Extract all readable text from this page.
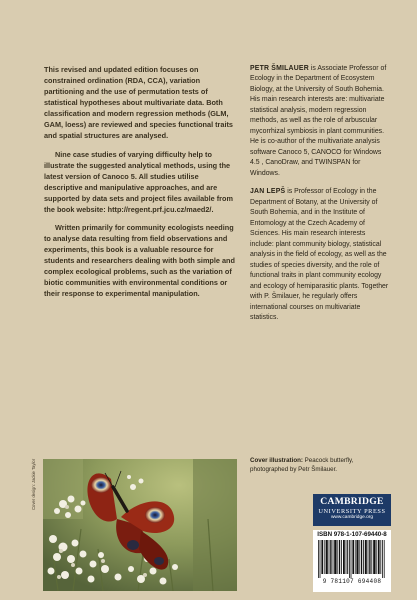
This revised and updated edition focuses on constrained ordination (RDA, CCA), variation partitioning and the use of permutation tests of statistical hypotheses about multivariate data. Both classification and modern regression methods (GLM, GAM, loess) are reviewed and species functional traits and spatial structures are analysed.

Nine case studies of varying difficulty help to illustrate the suggested analytical methods, using the latest version of Canoco 5. All studies utilise descriptive and manipulative approaches, and are supported by data sets and project files available from the book website: http://regent.prf.jcu.cz/maed2/.

Written primarily for community ecologists needing to analyse data resulting from field observations and experiments, this book is a valuable resource for students and researchers dealing with both simple and complex ecological problems, such as the variation of biotic communities with environmental conditions or their response to experimental manipulation.

PETR ŠMILAUER is Associate Professor of Ecology in the Department of Ecosystem Biology, at the University of South Bohemia. His main research interests are: multivariate statistical analysis, modern regression methods, as well as the role of arbuscular mycorrhizal symbiosis in plant communities. He is co-author of the multivariate analysis software Canoco 5, CANOCO for Windows 4.5 , CanoDraw, and TWINSPAN for Windows.

JAN LEPŠ is Professor of Ecology in the Department of Botany, at the University of South Bohemia, and in the Institute of Entomology at the Czech Academy of Sciences. His main research interests include: plant community biology, statistical analysis in the field of ecology, as well as the studies of species diversity, and the role of functional traits in plant community ecology and ecology of hemiparasitic plants. Together with P. Šmilauer, he regularly offers international courses on multivariate statistics.

Cover illustration: Peacock butterfly, photographed by Petr Šmilauer.
Cover design: Jackie Taylor	CAMBRIDGE
UNIVERSITY PRESS
www.cambridge.org
ISBN 978-1-107-69440-8
9 781107 694408
